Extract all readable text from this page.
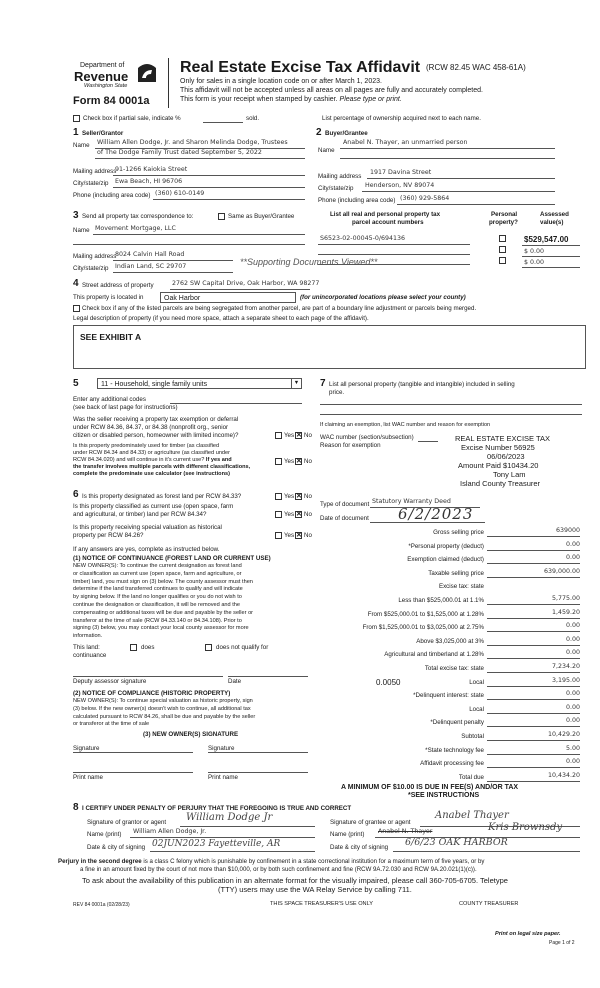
Department of
Revenue
Washington State
Form 84 0001a
Real Estate Excise Tax Affidavit (RCW 82.45 WAC 458-61A)
Only for sales in a single location code on or after March 1, 2023.
This affidavit will not be accepted unless all areas on all pages are fully and accurately completed.
This form is your receipt when stamped by cashier. Please type or print.
Check box if partial sale, indicate %	sold.	List percentage of ownership acquired next to each name.
1 Seller/Grantor
Name William Allen Dodge, Jr. and Sharon Melinda Dodge, Trustees
of The Dodge Family Trust dated September 5, 2022
Mailing address
91-1266 Kaiokia Street
City/state/zip Ewa Beach, HI 96706
Phone (including area code) (360) 610-0149
2 Buyer/Grantee
Name
Anabel N. Thayer, an unmarried person
Mailing address
1917 Davina Street
City/state/zip Henderson, NV 89074
Phone (including area code) (360) 929-5864
3 Send all property tax correspondence to:	Same as Buyer/Grantee
Name Movement Mortgage, LLC
Mailing address
8024 Calvin Hall Road
City/state/zip Indian Land, SC 29707	**Supporting Documents Viewed**
List all real and personal property tax
parcel account numbers
Personal
property?
Assessed
value(s)
S6523-02-00045-0/694136	$529,547.00
$ 0.00
$ 0.00
4 Street address of property	2762 SW Capital Drive, Oak Harbor, WA 98277
This property is located in	Oak Harbor	(for unincorporated locations please select your county)
Check box if any of the listed parcels are being segregated from another parcel, are part of a boundary line adjustment or parcels being merged.
Legal description of property (if you need more space, attach a separate sheet to each page of the affidavit).
SEE EXHIBIT A
5	11 - Household, single family units	▼
Enter any additional codes
(see back of last page for instructions)
Was the seller receiving a property tax exemption or deferral
under RCW 84.36, 84.37, or 84.38 (nonprofit org., senior
citizen or disabled person, homeowner with limited income)?	Yes ✕ No
Is this property predominately used for timber (as classified
under RCW 84.34 and 84.33) or agriculture (as classified under
RCW 84.34.020) and will continue in it's current use? If yes and
the transfer involves multiple parcels with different classifications,
complete the predominate use calculator (see instructions)
Yes ✕ No
6 Is this property designated as forest land per RCW 84.33?	Yes ✕ No
Is this property classified as current use (open space, farm
and agricultural, or timber) land per RCW 84.34?	Yes ✕ No
Is this property receiving special valuation as historical
property per RCW 84.26?	Yes ✕ No
If any answers are yes, complete as instructed below.
(1) NOTICE OF CONTINUANCE (FOREST LAND OR CURRENT USE)
NEW OWNER(S): To continue the current designation as forest land
or classification as current use (open space, farm and agriculture, or
timber) land, you must sign on (3) below. The county assessor must then
determine if the land transferred continues to qualify and will indicate
by signing below. If the land no longer qualifies or you do not wish to
continue the designation or classification, it will be removed and the
compensating or additional taxes will be due and payable by the seller or
transferor at the time of sale (RCW 84.33.140 or 84.34.108). Prior to
signing (3) below, you may contact your local county assessor for more
information.
This land:
continuance
does	does not qualify for
Deputy assessor signature	Date
(2) NOTICE OF COMPLIANCE (HISTORIC PROPERTY)
NEW OWNER(S): To continue special valuation as historic property, sign
(3) below. If the new owner(s) doesn't wish to continue, all additional tax
calculated pursuant to RCW 84.26, shall be due and payable by the seller
or transferor at the time of sale
(3) NEW OWNER(S) SIGNATURE
Signature	Signature
Print name	Print name
7 List all personal property (tangible and intangible) included in selling
price.
If claiming an exemption, list WAC number and reason for exemption
WAC number (section/subsection)
Reason for exemption
REAL ESTATE EXCISE TAX
Excise Number 56925
06/06/2023
Amount Paid $10434.20
Tony Lam
Island County Treasurer
Type of document Statutory Warranty Deed
Date of document 6/2/2023
Gross selling price	639000
*Personal property (deduct)	0.00
Exemption claimed (deduct)	0.00
Taxable selling price	639,000.00
Excise tax: state
Less than $525,000.01 at 1.1%	5,775.00
From $525,000.01 to $1,525,000 at 1.28%	1,459.20
From $1,525,000.01 to $3,025,000 at 2.75%	0.00
Above $3,025,000 at 3%	0.00
Agricultural and timberland at 1.28%	0.00
Total excise tax: state	7,234.20
Local
0.0050	3,195.00
*Delinquent interest: state	0.00
Local	0.00
*Delinquent penalty	0.00
Subtotal	10,429.20
*State technology fee	5.00
Affidavit processing fee	0.00
Total due	10,434.20
A MINIMUM OF $10.00 IS DUE IN FEE(S) AND/OR TAX
*SEE INSTRUCTIONS
8 I CERTIFY UNDER PENALTY OF PERJURY THAT THE FOREGOING IS TRUE AND CORRECT
Signature of grantor or agent William Dodge Jr
Name (print) William Allen Dodge, Jr.
Date & city of signing 02JUN2023 Fayetteville, AR
Signature of grantee or agent
Anabel Thayer
Name (print) Anabel N. Thayer	Kris Brownsdy
Date & city of signing 6/6/23 OAK HARBOR
Perjury in the second degree is a class C felony which is punishable by confinement in a state correctional institution for a maximum term of five years, or by
a fine in an amount fixed by the court of not more than $10,000, or by both such confinement and fine (RCW 9A.72.030 and RCW 9A.20.021(1)(c)).
To ask about the availability of this publication in an alternate format for the visually impaired, please call 360-705-6705. Teletype
(TTY) users may use the WA Relay Service by calling 711.
REV 84 0001a (02/28/23)	THIS SPACE TREASURER'S USE ONLY	COUNTY TREASURER
Print on legal size paper.
Page 1 of 2
